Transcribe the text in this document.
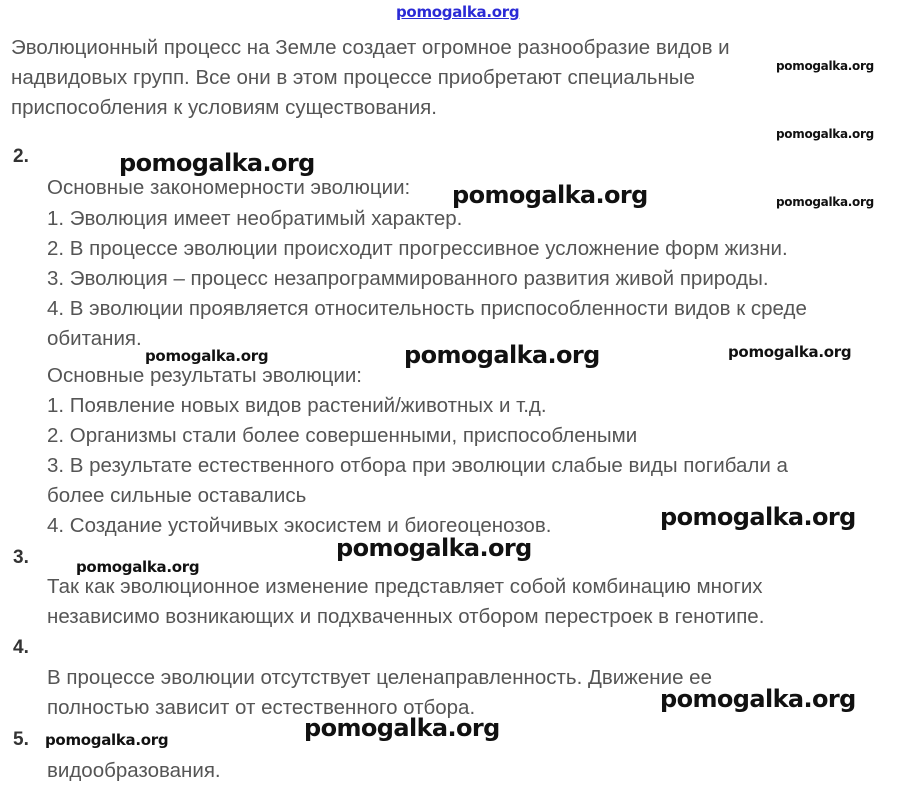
pomogalka.org
Эволюционный процесс на Земле создает огромное разнообразие видов и
надвидовых групп. Все они в этом процессе приобретают специальные
приспособления к условиям существования.
2.
Основные закономерности эволюции:
1. Эволюция имеет необратимый характер.
2. В процессе эволюции происходит прогрессивное усложнение форм жизни.
3. Эволюция – процесс незапрограммированного развития живой природы.
4. В эволюции проявляется относительность приспособленности видов к среде
обитания.
Основные результаты эволюции:
1. Появление новых видов растений/животных и т.д.
2. Организмы стали более совершенными, приспособлеными
3. В результате естественного отбора при эволюции слабые виды погибали а
более сильные оставались
4. Создание устойчивых экосистем и биогеоценозов.
3.
Так как эволюционное изменение представляет собой комбинацию многих
независимо возникающих и подхваченных отбором перестроек в генотипе.
4.
В процессе эволюции отсутствует целенаправленность. Движение ее
полностью зависит от естественного отбора.
5.
видообразования.
pomogalka.org
pomogalka.org
pomogalka.org
pomogalka.org	pomogalka.org
pomogalka.org	pomogalka.org	pomogalka.org
pomogalka.org
pomogalka.org
pomogalka.org
pomogalka.org
pomogalka.org	pomogalka.org
